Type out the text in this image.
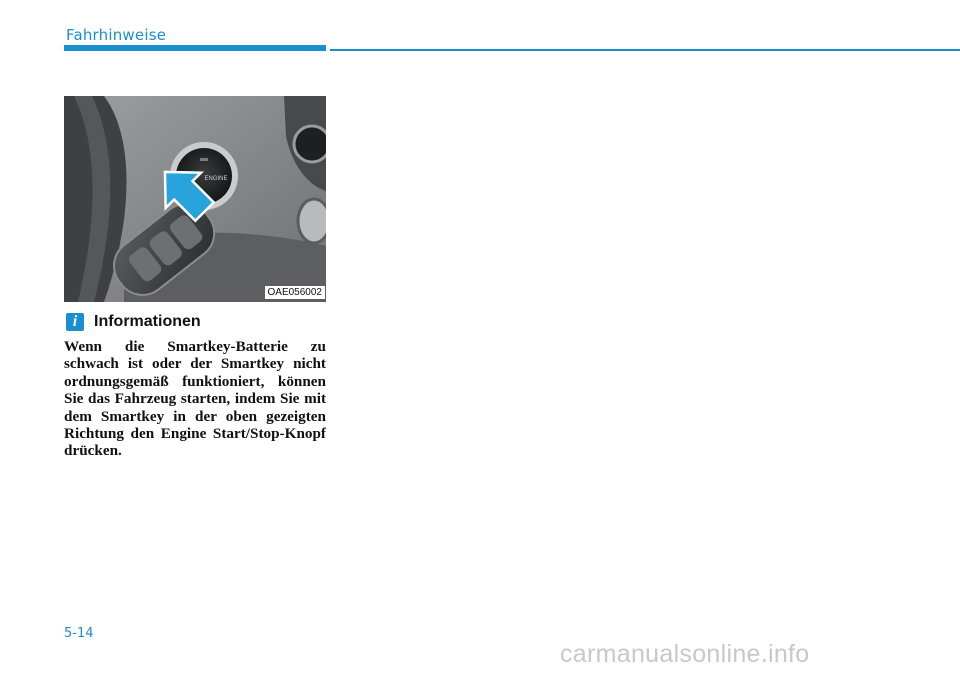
Fahrhinweise
ENGINE
OAE056002
i	Informationen
Wenn die Smartkey-Batterie zu schwach ist oder der Smartkey nicht ordnungsgemäß funktioniert, können Sie das Fahrzeug starten, indem Sie mit dem Smartkey in der oben gezeigten Richtung den Engine Start/Stop-Knopf drücken.
5-14
carmanualsonline.info
